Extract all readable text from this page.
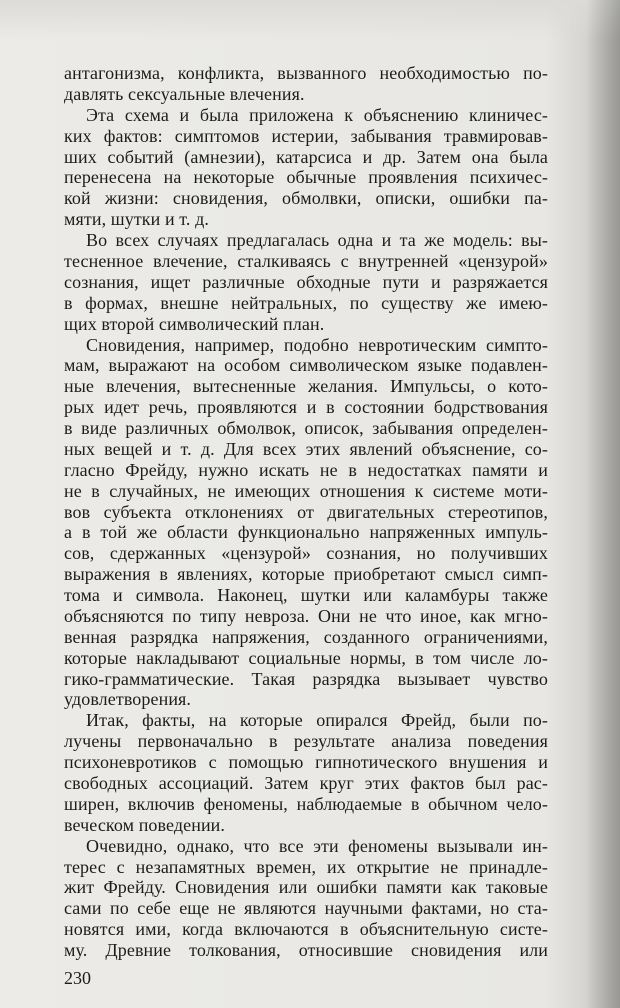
антагонизма, конфликта, вызванного необходимостью по-
давлять сексуальные влечения.
Эта схема и была приложена к объяснению клиничес-
ких фактов: симптомов истерии, забывания травмировав-
ших событий (амнезии), катарсиса и др. Затем она была
перенесена на некоторые обычные проявления психичес-
кой жизни: сновидения, обмолвки, описки, ошибки па-
мяти, шутки и т. д.
Во всех случаях предлагалась одна и та же модель: вы-
тесненное влечение, сталкиваясь с внутренней «цензурой»
сознания, ищет различные обходные пути и разряжается
в формах, внешне нейтральных, по существу же имею-
щих второй символический план.
Сновидения, например, подобно невротическим симпто-
мам, выражают на особом символическом языке подавлен-
ные влечения, вытесненные желания. Импульсы, о кото-
рых идет речь, проявляются и в состоянии бодрствования
в виде различных обмолвок, описок, забывания определен-
ных вещей и т. д. Для всех этих явлений объяснение, со-
гласно Фрейду, нужно искать не в недостатках памяти и
не в случайных, не имеющих отношения к системе моти-
вов субъекта отклонениях от двигательных стереотипов,
а в той же области функционально напряженных импуль-
сов, сдержанных «цензурой» сознания, но получивших
выражения в явлениях, которые приобретают смысл симп-
тома и символа. Наконец, шутки или каламбуры также
объясняются по типу невроза. Они не что иное, как мгно-
венная разрядка напряжения, созданного ограничениями,
которые накладывают социальные нормы, в том числе ло-
гико-грамматические. Такая разрядка вызывает чувство
удовлетворения.
Итак, факты, на которые опирался Фрейд, были по-
лучены первоначально в результате анализа поведения
психоневротиков с помощью гипнотического внушения и
свободных ассоциаций. Затем круг этих фактов был рас-
ширен, включив феномены, наблюдаемые в обычном чело-
веческом поведении.
Очевидно, однако, что все эти феномены вызывали ин-
терес с незапамятных времен, их открытие не принадле-
жит Фрейду. Сновидения или ошибки памяти как таковые
сами по себе еще не являются научными фактами, но ста-
новятся ими, когда включаются в объяснительную систе-
му. Древние толкования, относившие сновидения или
230
